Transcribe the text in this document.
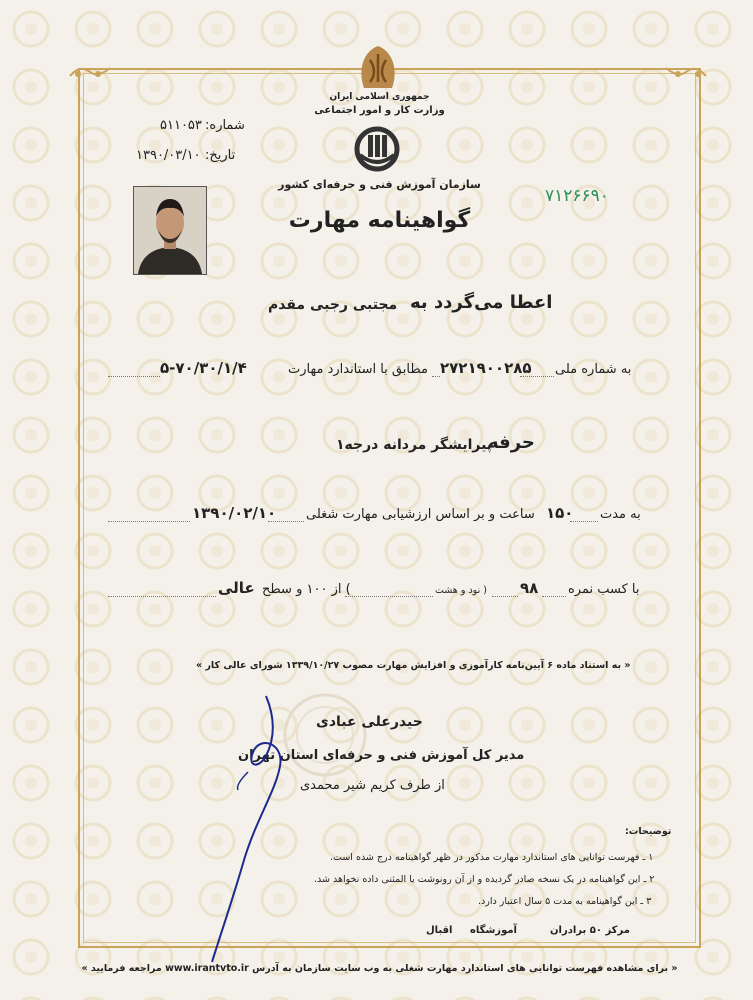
جمهوری اسلامی ایران
وزارت کار و امور اجتماعی
سازمان آموزش فنی و حرفه‌ای کشور
۵۱۱۰۵۳ شماره:
۱۳۹۰/۰۳/۱۰ تاریخ:
۷۱۲۶۶۹۰
گواهینامه مهارت
اعطا می‌گردد به
مجتبی رجبی مقدم
به شماره ملی
۲۷۲۱۹۰۰۲۸۵
مطابق با استاندارد مهارت
۵-۷۰/۳۰/۱/۴
حرفه
پیرایشگر مردانه درجه۱
به مدت
۱۵۰
ساعت و بر اساس ارزشیابی مهارت شغلی
۱۳۹۰/۰۲/۱۰
با کسب نمره
۹۸
( نود و هشت
) از ۱۰۰ و سطح
عالی
« به استناد ماده ۶ آیین‌نامه کارآموزی و افزایش مهارت مصوب ۱۳۳۹/۱۰/۲۷ شورای عالی کار »
حیدرعلی عبادی
مدیر کل آموزش فنی و حرفه‌ای استان تهران
از طرف کریم شیر محمدی
توضیحات:
۱ ـ فهرست توانایی های استاندارد مهارت مذکور در ظهر گواهینامه درج شده است.
۲ ـ این گواهینامه در یک نسخه صادر گردیده و از آن رونوشت یا المثنی داده نخواهد شد.
۳ ـ این گواهینامه به مدت ۵ سال اعتبار دارد.
مرکز ۵۰ برادران
آموزشگاه
اقبال
« برای مشاهده فهرست توانایی های استاندارد مهارت شغلی به وب سایت سازمان به آدرس www.irantvto.ir مراجعه فرمایید »
